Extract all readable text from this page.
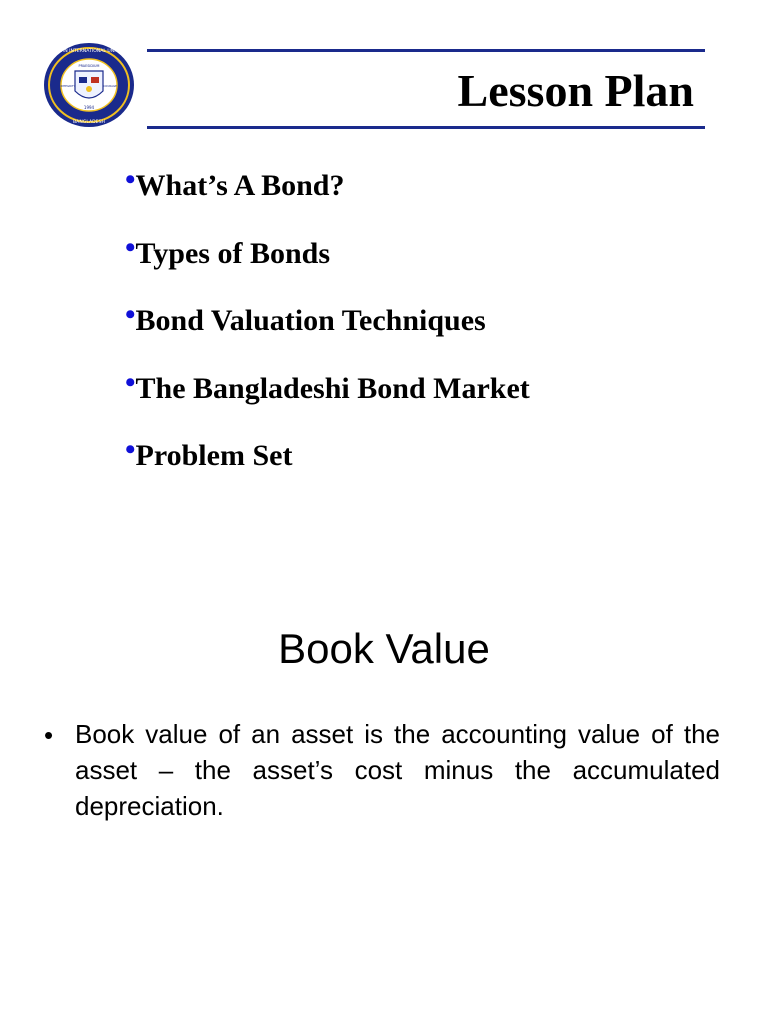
AMERICAN INTERNATIONAL UNIVERSITY
BANGLADESH
PRAESIDIUM
INTEGRITY	COURAGE
1994	Lesson Plan
•What’s A Bond?
•Types of Bonds
•Bond Valuation Techniques
•The Bangladeshi Bond Market
•Problem Set
Book Value
• Book value of an asset is the accounting value of the asset – the asset’s cost minus the accumulated depreciation.
